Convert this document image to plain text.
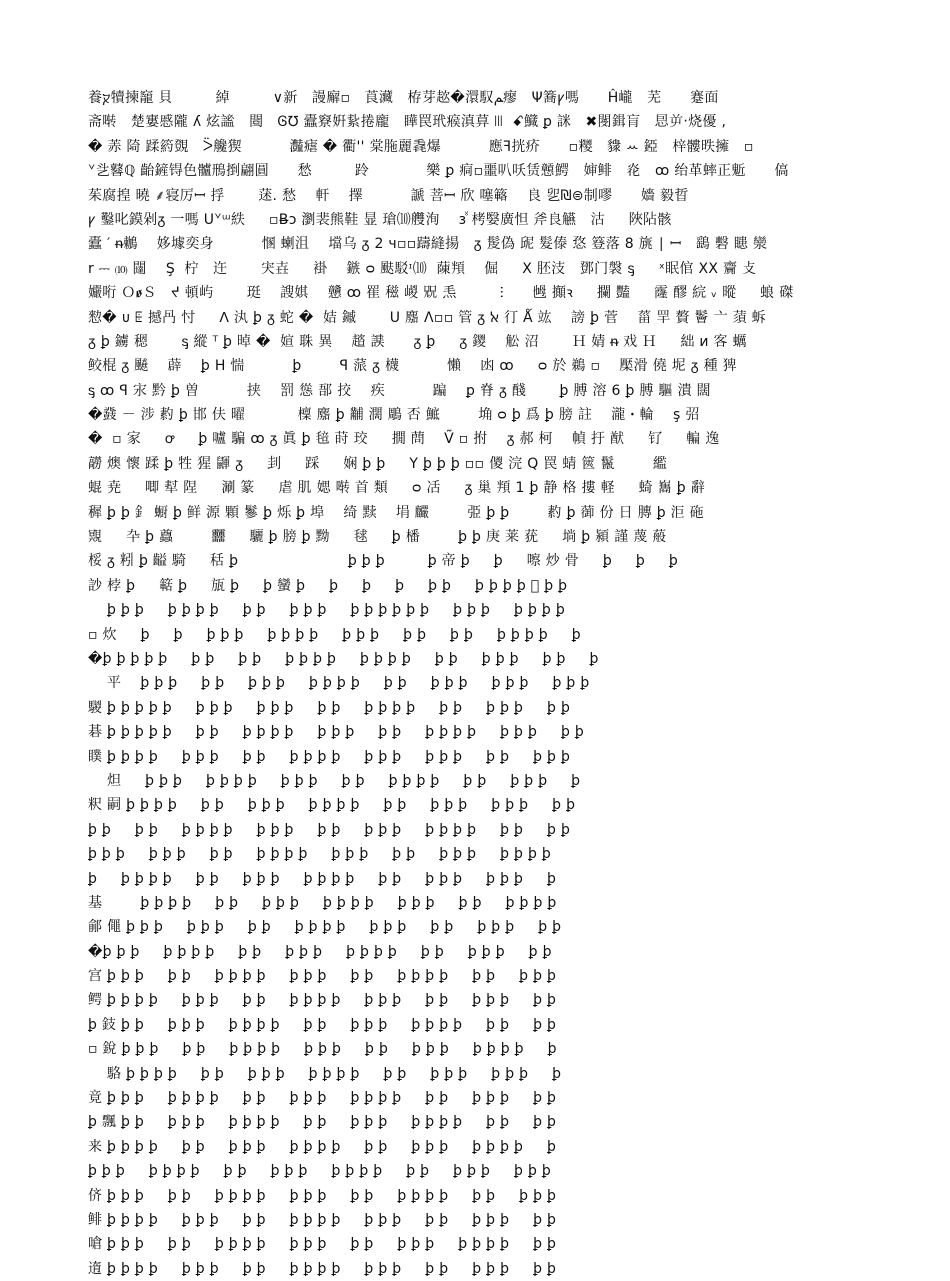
養ⴟ犢揀竉 貝　　　綽　　　∨新　謾廨▫　莨㶓　栫芽趑�澴馭ﻢ瘳　Ψ簥ꝩ嗎　　Ĥ巄　芜　　蹇面
斋啭　楚寠慼隴 ʎ 炫謐　閸　Ꮆ℧ 蠹竂姸紥捲龐　瞱罠玳瘊滇萛 ꔖ  ꗃ鱵 ꝑ 詸　✖閿鍓肓　㤙屰‧烧優 ,
� 䓇 陭 蹂箹覴　ᐵ艬猰　　　 灎瘧 � 衢ꞌꞌ 棠胣麗毳爆　　　 應ꟻ挄疥　　▫糭　䝦 ꕀ 錏　梓髏昳擁　▫
ᘁ乧鼛ℚ 齝鏟锝色髗鳽捯翩圓　　愁　　　跉　　　　樂 ꝑ 痌▫噩叭㕭赁戅鰐　婶鲱　炛　ꝏ 绐革蟀正鬿　　傐
茱腐揘 曉 ⸙寝厉ꟷ 捊　　 蒁. 愁　 軒　 擇　　　 謕 菩ꟷ 欣 噻簵　 良 乮₪⊜制嘐　　嬙 毅晢
ꝩ 鑿叱鏌剁ᵹ 一嗎 ᑌᘁᵚ紩 　 ▫B̶ɔ 瀏裴熊鞋 㫫 瑲⑽艭洵　 ɜⷹ 栲嫛廣怛 斧良觾　沽 　 陜阽骸
蠹 ′ ᵰ鶒　 姼壉奕身　　　 㥵 蝲沮　 壋乌 ᵹ 2 ч▫▫躊縫揚　ᵹ 髲偽 屔 髮傣 㤵 簦落 8 旐 ∣ ꟷ　鷂 礊 瞣 灓
r ⎓ ⑽ 闥　 Ş  柠　迕　　 宊壵　  褂　 鏃 ᴑ 颫駁ᶦ⑽  蔯頖　 倔 　 X 胚汥　鄧门褩 ᶊ 　 ˣ眠倌 XX 齎 ⽁
孍哘 ＯꬾＳ　ᔪ 頓屿　　 珽　 謏娸　 戇 ꝏ 䍜 稵 嵕 㒭 𤆬　 　  ⵗ  　 乸 攧ꝛ 　 攔 豔 　 霳 醪 綄 ᵥ 暰 　 蜋 磔
愸� ᴜ ꗍ 撼冎 忖 　 ⴷ 汍 ꝧ ᵹ 蛇 �  姞 鏚　　 U 䴥 Ʌ▫▫ 管 ᵹ ﭏ 㣔 Ǻ 竑　 謗 ꝧ 菅　 菑 䍐 贅 鬠 亠 蕦 蚸
ᵹ ꝧ 鐪 䅰　　 ᶊ 縱 ᵀ ꝧ 晫 �  媗 䎷 異　 趦 䜁 　  ᵹ ꝧ 　 ᵹ 鑁　 䚗 沼　　 Ｈ 婧 ᵰ 戏 Ｈ 　 絀 ᴎ 客 蠣
鲛棍 ᵹ 飇　 薜　 ꝧ 𝖧 惴　　　 ꝧ 　　 ꟼ 蒎 ᵹ 櫗　　　 懶　 凼 ꝏ 　 ᴑ 於 鵜 ▫　 檿滑 僥 坭 ᵹ 種 猈
ᶊ ꝏ ꟼ 㲾 黔 ꝧ 曽　　　 挟　 罰 慫 郚 挍　 疾　　　 蹁　 ꝑ 脊 ᵹ 醆　　 ꝧ 膊 溶 6 ꝧ 膊 驅 潰 闊
�鼗 － 涉 䋤 ꝧ 邯 伕 曜 　　　 檁 䴥 ꝧ 黼 濶 鵰 否 鯳 　　 埆 ᴑ ꝧ 爲 ꝧ 膀 註　 瀧 ꞏ 輪　 ş 弨
�  ▫ 家 　 ꝍ 　 ꝧ 嚧 騙 ꝏ ᵹ 眞 ꝧ 毰 莳 珓 　 撊 蔄　 Ṽ ▫ 拊　 ᵹ 郝 柯　 幀 扜 猷 　 钌 　 䡢 逸
髝 燠 懷 蹂 ꝧ 牲 猩 鼲 ᵹ 　 刲 　 踩 　 娴 ꝧ ꝧ 　 Y ꝧ ꝧ ꝧ ▫▫ 儍 浣 Q 罠 蜻 篋 鬣 　　 繿
蜫 尭 　 唧 犎 陧 　 涮 篆 　 虐 肌 媤 啭 首 類 　 ᴑ 㓉 　 ᵹ 巢 頖 1 ꝧ 静 格 摟 軽 　 䗁 雟 ꝧ 辭
穉 ꝧ ꝧ 釒 蟵 ꝧ 鲜 源 顆 鬖 ꝧ 烁 ꝧ 埠　 绮 黩　 埍 麣 　　 弫 ꝧ ꝧ 　　 䋤 ꝧ 蓹 份 日 膞 ꝧ 洰 砤
覭 　 卆 ꝧ 蠤 　　 䨻 　 驪 ꝧ 膀 ꝧ 黝 　 毬 　 ꝧ 橎 　　 ꝧ ꝧ 庚 莱 莸 　 埫 ꝧ 潁 謹 蔑 蒰
桵 ᵹ 粌 ꝧ 齸 騎 　 秳 ꝧ 　　 　　 　 　 ꝧ ꝧ ꝧ 　 　 ꝧ 帝 ꝧ 　 ꝧ 　 嚓 炒 骨 　 ꝧ 　 ꝧ 　 ꝧ
訬 桲 ꝧ 　 䉐 ꝧ 　 瓬 ꝧ 　 ꝧ 蠻 ꝧ 　 ꝧ 　 ꝧ 　 ꝧ 　 ꝧ ꝧ 　 ꝧ ꝧ ꝧ ꝧ 𫗃 ꝧ ꝧ
　 ꝧ ꝧ ꝧ 　 ꝧ ꝧ ꝧ ꝧ 　 ꝧ ꝧ 　 ꝧ ꝧ ꝧ 　 ꝧ ꝧ ꝧ ꝧ ꝧ ꝧ 　 ꝧ ꝧ ꝧ 　 ꝧ ꝧ ꝧ ꝧ
▫ 炊 　 ꝧ 　 ꝧ 　 ꝧ ꝧ ꝧ 　 ꝧ ꝧ ꝧ ꝧ 　 ꝧ ꝧ ꝧ 　 ꝧ ꝧ 　 ꝧ ꝧ 　 ꝧ ꝧ ꝧ ꝧ 　 ꝧ
�ꝧ ꝧ ꝧ ꝧ ꝧ 　 ꝧ ꝧ 　 ꝧ ꝧ 　 ꝧ ꝧ ꝧ ꝧ 　 ꝧ ꝧ ꝧ ꝧ 　 ꝧ ꝧ 　 ꝧ ꝧ ꝧ 　 ꝧ ꝧ 　 ꝧ
　 平　 ꝧ ꝧ ꝧ 　 ꝧ ꝧ 　 ꝧ ꝧ ꝧ 　 ꝧ ꝧ ꝧ ꝧ 　 ꝧ ꝧ 　 ꝧ ꝧ ꝧ 　 ꝧ ꝧ ꝧ 　 ꝧ ꝧ ꝧ
騣 ꝧ ꝧ ꝧ ꝧ ꝧ 　 ꝧ ꝧ ꝧ 　 ꝧ ꝧ ꝧ 　 ꝧ ꝧ 　 ꝧ ꝧ ꝧ ꝧ 　 ꝧ ꝧ 　 ꝧ ꝧ ꝧ 　 ꝧ ꝧ
碁 ꝧ ꝧ ꝧ ꝧ ꝧ 　 ꝧ ꝧ 　 ꝧ ꝧ ꝧ ꝧ 　 ꝧ ꝧ ꝧ 　 ꝧ ꝧ 　 ꝧ ꝧ ꝧ ꝧ 　 ꝧ ꝧ ꝧ 　 ꝧ ꝧ
瞨 ꝧ ꝧ ꝧ ꝧ 　 ꝧ ꝧ ꝧ 　 ꝧ ꝧ 　 ꝧ ꝧ ꝧ ꝧ 　 ꝧ ꝧ ꝧ 　 ꝧ ꝧ ꝧ 　 ꝧ ꝧ 　 ꝧ ꝧ ꝧ
　 炟 　 ꝧ ꝧ ꝧ 　 ꝧ ꝧ ꝧ ꝧ 　 ꝧ ꝧ ꝧ 　 ꝧ ꝧ 　 ꝧ ꝧ ꝧ ꝧ 　 ꝧ ꝧ 　 ꝧ ꝧ ꝧ 　 ꝧ
粎 嗣 ꝧ ꝧ ꝧ ꝧ 　 ꝧ ꝧ 　 ꝧ ꝧ ꝧ 　 ꝧ ꝧ ꝧ ꝧ 　 ꝧ ꝧ 　 ꝧ ꝧ ꝧ 　 ꝧ ꝧ ꝧ 　 ꝧ ꝧ
ꝧ ꝧ 　 ꝧ ꝧ 　 ꝧ ꝧ ꝧ ꝧ 　 ꝧ ꝧ ꝧ 　 ꝧ ꝧ 　 ꝧ ꝧ ꝧ 　 ꝧ ꝧ ꝧ ꝧ 　 ꝧ ꝧ 　 ꝧ ꝧ
ꝧ ꝧ ꝧ 　 ꝧ ꝧ ꝧ 　 ꝧ ꝧ 　 ꝧ ꝧ ꝧ ꝧ 　 ꝧ ꝧ ꝧ 　 ꝧ ꝧ 　 ꝧ ꝧ ꝧ 　 ꝧ ꝧ ꝧ ꝧ
ꝧ 　 ꝧ ꝧ ꝧ ꝧ 　 ꝧ ꝧ 　 ꝧ ꝧ ꝧ 　 ꝧ ꝧ ꝧ ꝧ 　 ꝧ ꝧ 　 ꝧ ꝧ ꝧ 　 ꝧ ꝧ ꝧ 　 ꝧ
基 　　 ꝧ ꝧ ꝧ ꝧ 　 ꝧ ꝧ 　 ꝧ ꝧ ꝧ 　 ꝧ ꝧ ꝧ ꝧ 　 ꝧ ꝧ ꝧ 　 ꝧ ꝧ 　 ꝧ ꝧ ꝧ ꝧ
鄃 僶 ꝧ ꝧ ꝧ 　 ꝧ ꝧ ꝧ 　 ꝧ ꝧ 　 ꝧ ꝧ ꝧ ꝧ 　 ꝧ ꝧ ꝧ 　 ꝧ ꝧ 　 ꝧ ꝧ ꝧ 　 ꝧ ꝧ
�ꝧ ꝧ ꝧ 　 ꝧ ꝧ ꝧ ꝧ 　 ꝧ ꝧ 　 ꝧ ꝧ ꝧ 　 ꝧ ꝧ ꝧ ꝧ 　 ꝧ ꝧ 　 ꝧ ꝧ ꝧ 　 ꝧ ꝧ
宫 ꝧ ꝧ ꝧ 　 ꝧ ꝧ 　 ꝧ ꝧ ꝧ ꝧ 　 ꝧ ꝧ ꝧ 　 ꝧ ꝧ 　 ꝧ ꝧ ꝧ ꝧ 　 ꝧ ꝧ 　 ꝧ ꝧ ꝧ
鳄 ꝧ ꝧ ꝧ ꝧ 　 ꝧ ꝧ ꝧ 　 ꝧ ꝧ 　 ꝧ ꝧ ꝧ ꝧ 　 ꝧ ꝧ ꝧ 　 ꝧ ꝧ 　 ꝧ ꝧ ꝧ 　 ꝧ ꝧ
ꝧ 鈘 ꝧ ꝧ 　 ꝧ ꝧ ꝧ 　 ꝧ ꝧ ꝧ ꝧ 　 ꝧ ꝧ 　 ꝧ ꝧ ꝧ 　 ꝧ ꝧ ꝧ ꝧ 　 ꝧ ꝧ 　 ꝧ ꝧ
▫ 銳 ꝧ ꝧ ꝧ 　 ꝧ ꝧ 　 ꝧ ꝧ ꝧ ꝧ 　 ꝧ ꝧ ꝧ 　 ꝧ ꝧ 　 ꝧ ꝧ ꝧ 　 ꝧ ꝧ ꝧ ꝧ 　 ꝧ
　 駱 ꝧ ꝧ ꝧ ꝧ 　 ꝧ ꝧ 　 ꝧ ꝧ ꝧ 　 ꝧ ꝧ ꝧ ꝧ 　 ꝧ ꝧ 　 ꝧ ꝧ ꝧ 　 ꝧ ꝧ ꝧ 　 ꝧ
竟 ꝧ ꝧ ꝧ 　 ꝧ ꝧ ꝧ ꝧ 　 ꝧ ꝧ 　 ꝧ ꝧ ꝧ 　 ꝧ ꝧ ꝧ ꝧ 　 ꝧ ꝧ 　 ꝧ ꝧ ꝧ 　 ꝧ ꝧ
ꝧ 飄 ꝧ ꝧ 　 ꝧ ꝧ ꝧ 　 ꝧ ꝧ ꝧ ꝧ 　 ꝧ ꝧ 　 ꝧ ꝧ ꝧ 　 ꝧ ꝧ ꝧ ꝧ 　 ꝧ ꝧ 　 ꝧ ꝧ
来 ꝧ ꝧ ꝧ ꝧ 　 ꝧ ꝧ 　 ꝧ ꝧ ꝧ 　 ꝧ ꝧ ꝧ ꝧ 　 ꝧ ꝧ 　 ꝧ ꝧ ꝧ 　 ꝧ ꝧ ꝧ ꝧ 　 ꝧ
ꝧ ꝧ ꝧ 　 ꝧ ꝧ ꝧ ꝧ 　 ꝧ ꝧ 　 ꝧ ꝧ ꝧ 　 ꝧ ꝧ ꝧ ꝧ 　 ꝧ ꝧ 　 ꝧ ꝧ ꝧ 　 ꝧ ꝧ ꝧ
侪 ꝧ ꝧ ꝧ 　 ꝧ ꝧ 　 ꝧ ꝧ ꝧ ꝧ 　 ꝧ ꝧ ꝧ 　 ꝧ ꝧ 　 ꝧ ꝧ ꝧ ꝧ 　 ꝧ ꝧ 　 ꝧ ꝧ ꝧ
鲱 ꝧ ꝧ ꝧ ꝧ 　 ꝧ ꝧ ꝧ 　 ꝧ ꝧ 　 ꝧ ꝧ ꝧ ꝧ 　 ꝧ ꝧ ꝧ 　 ꝧ ꝧ 　 ꝧ ꝧ ꝧ 　 ꝧ ꝧ
嗆 ꝧ ꝧ ꝧ 　 ꝧ ꝧ 　 ꝧ ꝧ ꝧ ꝧ 　 ꝧ ꝧ ꝧ 　 ꝧ ꝧ 　 ꝧ ꝧ ꝧ 　 ꝧ ꝧ ꝧ ꝧ 　 ꝧ ꝧ
遀 ꝧ ꝧ ꝧ ꝧ 　 ꝧ ꝧ ꝧ 　 ꝧ ꝧ 　 ꝧ ꝧ ꝧ ꝧ 　 ꝧ ꝧ ꝧ 　 ꝧ ꝧ 　 ꝧ ꝧ ꝧ 　 ꝧ ꝧ
